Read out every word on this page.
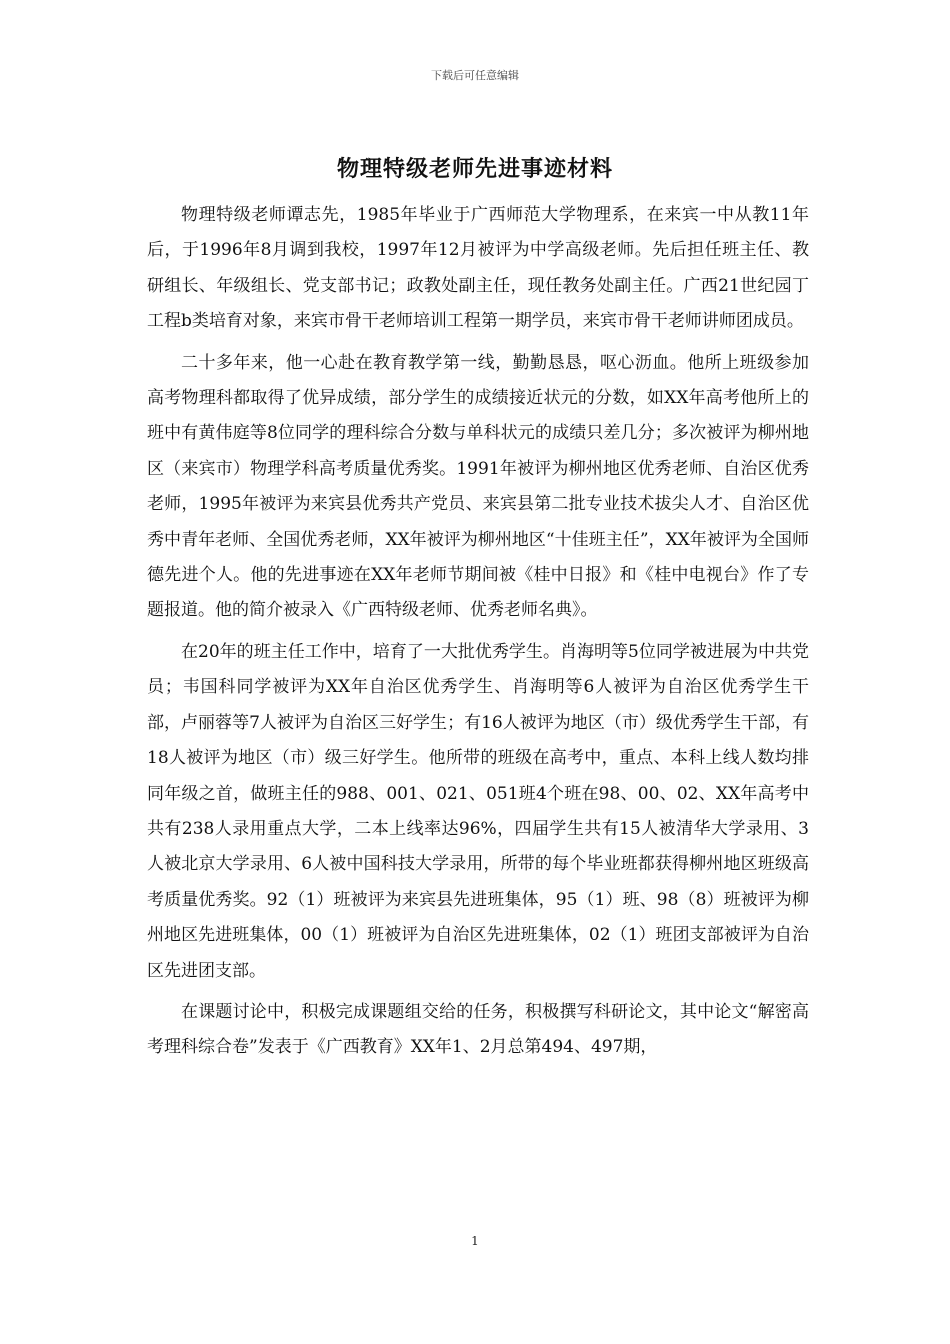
下载后可任意编辑
物理特级老师先进事迹材料

物理特级老师谭志先，1985年毕业于广西师范大学物理系，在来宾一中从教11年后，于1996年8月调到我校，1997年12月被评为中学高级老师。先后担任班主任、教研组长、年级组长、党支部书记；政教处副主任，现任教务处副主任。广西21世纪园丁工程b类培育对象，来宾市骨干老师培训工程第一期学员，来宾市骨干老师讲师团成员。

二十多年来，他一心赴在教育教学第一线，勤勤恳恳，呕心沥血。他所上班级参加高考物理科都取得了优异成绩，部分学生的成绩接近状元的分数，如XX年高考他所上的班中有黄伟庭等8位同学的理科综合分数与单科状元的成绩只差几分；多次被评为柳州地区（来宾市）物理学科高考质量优秀奖。1991年被评为柳州地区优秀老师、自治区优秀老师，1995年被评为来宾县优秀共产党员、来宾县第二批专业技术拔尖人才、自治区优秀中青年老师、全国优秀老师，XX年被评为柳州地区“十佳班主任”，XX年被评为全国师德先进个人。他的先进事迹在XX年老师节期间被《桂中日报》和《桂中电视台》作了专题报道。他的简介被录入《广西特级老师、优秀老师名典》。

在20年的班主任工作中，培育了一大批优秀学生。肖海明等5位同学被进展为中共党员；韦国科同学被评为XX年自治区优秀学生、肖海明等6人被评为自治区优秀学生干部，卢丽蓉等7人被评为自治区三好学生；有16人被评为地区（市）级优秀学生干部，有18人被评为地区（市）级三好学生。他所带的班级在高考中，重点、本科上线人数均排同年级之首，做班主任的988、001、021、051班4个班在98、00、02、XX年高考中共有238人录用重点大学，二本上线率达96%，四届学生共有15人被清华大学录用、3人被北京大学录用、6人被中国科技大学录用，所带的每个毕业班都获得柳州地区班级高考质量优秀奖。92（1）班被评为来宾县先进班集体，95（1）班、98（8）班被评为柳州地区先进班集体，00（1）班被评为自治区先进班集体，02（1）班团支部被评为自治区先进团支部。

在课题讨论中，积极完成课题组交给的任务，积极撰写科研论文，其中论文“解密高考理科综合卷”发表于《广西教育》XX年1、2月总第494、497期，

1
